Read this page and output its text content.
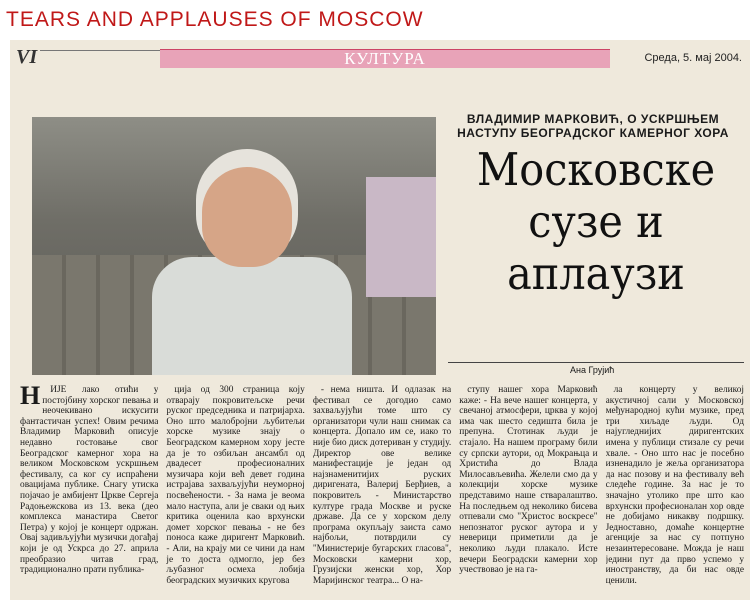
TEARS AND APPLAUSES OF MOSCOW
VI	КУЛТУРА	Среда, 5. мај 2004.
ВЛАДИМИР МАРКОВИЋ, О УСКРШЊЕМ НАСТУПУ БЕОГРАДСКОГ КАМЕРНОГ ХОРА
Московске
сузе и
аплаузи
Ана Грујић
Н	ИЈЕ лако отићи у постојбину хорског певања и неочекивано искусити фантастичан успех! Овим речима Владимир Марковић описује недавно гостовање свог Београдског камерног хора на великом Московском ускршњем фестивалу, са ког су испраћени овацијама публике. Снагу утиска појачао је амбијент Цркве Сергеја Радоњежскова из 13. века (део комплекса манастира Светог Петра) у којој је концерт одржан. Овај задивљујући музички догађај који је од Ускрса до 27. априла преобразио читав град, традиционално прати публика-

ција од 300 страница коју отварају покровитељске речи руског председника и патријарха. Оно што малобројни љубитељи хорске музике знају о Београдском камерном хору јесте да је то озбиљан ансамбл од двадесет професионалних музичара који већ девет година истрајава захваљујући неуморној посвећености. - За нама је веома мало наступа, али је сваки од њих критика оценила као врхунски домет хорског певања - не без поноса каже диригент Марковић. - Али, на крају ми се чини да нам је то доста одмогло, јер без љубазног осмеха лобија београдских музичких кругова

- нема ништа. И одлазак на фестивал се догодио само захваљујући томе што су организатори чули наш снимак са концерта. Допало им се, иако то није био диск дотериван у студију. Директор ове велике манифестације је један од најзнаменитијих руских диригената, Валериј Берђиев, а покровитељ - Министарство културе града Москве и руске државе. Да се у хорском делу програма окупљају заиста само најбољи, потврдили су "Министерије бугарских гласова", Московски камерни хор, Грузијски женски хор, Хор Маријинског театра... О на-

ступу нашег хора Марковић каже: - На вече нашег концерта, у свечаној атмосфери, црква у којој има чак шесто седишта била је препуна. Стотинак људи је стајало. На нашем програму били су српски аутори, од Мокрањца и Христића до Влада Милосављевића. Желели смо да у колекцији хорске музике представимо наше стваралаштво. На последњем од неколико бисева отпевали смо "Христос воскресе" непознатог руског аутора и у неверици приметили да је неколико људи плакало. Исте вечери Београдски камерни хор учествовао је на га-

ла концерту у великој акустичној сали у Московској међународној кући музике, пред три хиљаде људи. Од најугледнијих диригентских имена у публици стизале су речи хвале. - Оно што нас је посебно изненадило је жеља организатора да нас позову и на фестивалу већ следеће године. За нас је то значајно утолико пре што као врхунски професионалан хор овде не добијамо никакву подршку. Једноставно, домаће концертне агенције за нас су потпуно незаинтересоване. Можда је наш једини пут да прво успемо у иностранству, да би нас овде ценили.
